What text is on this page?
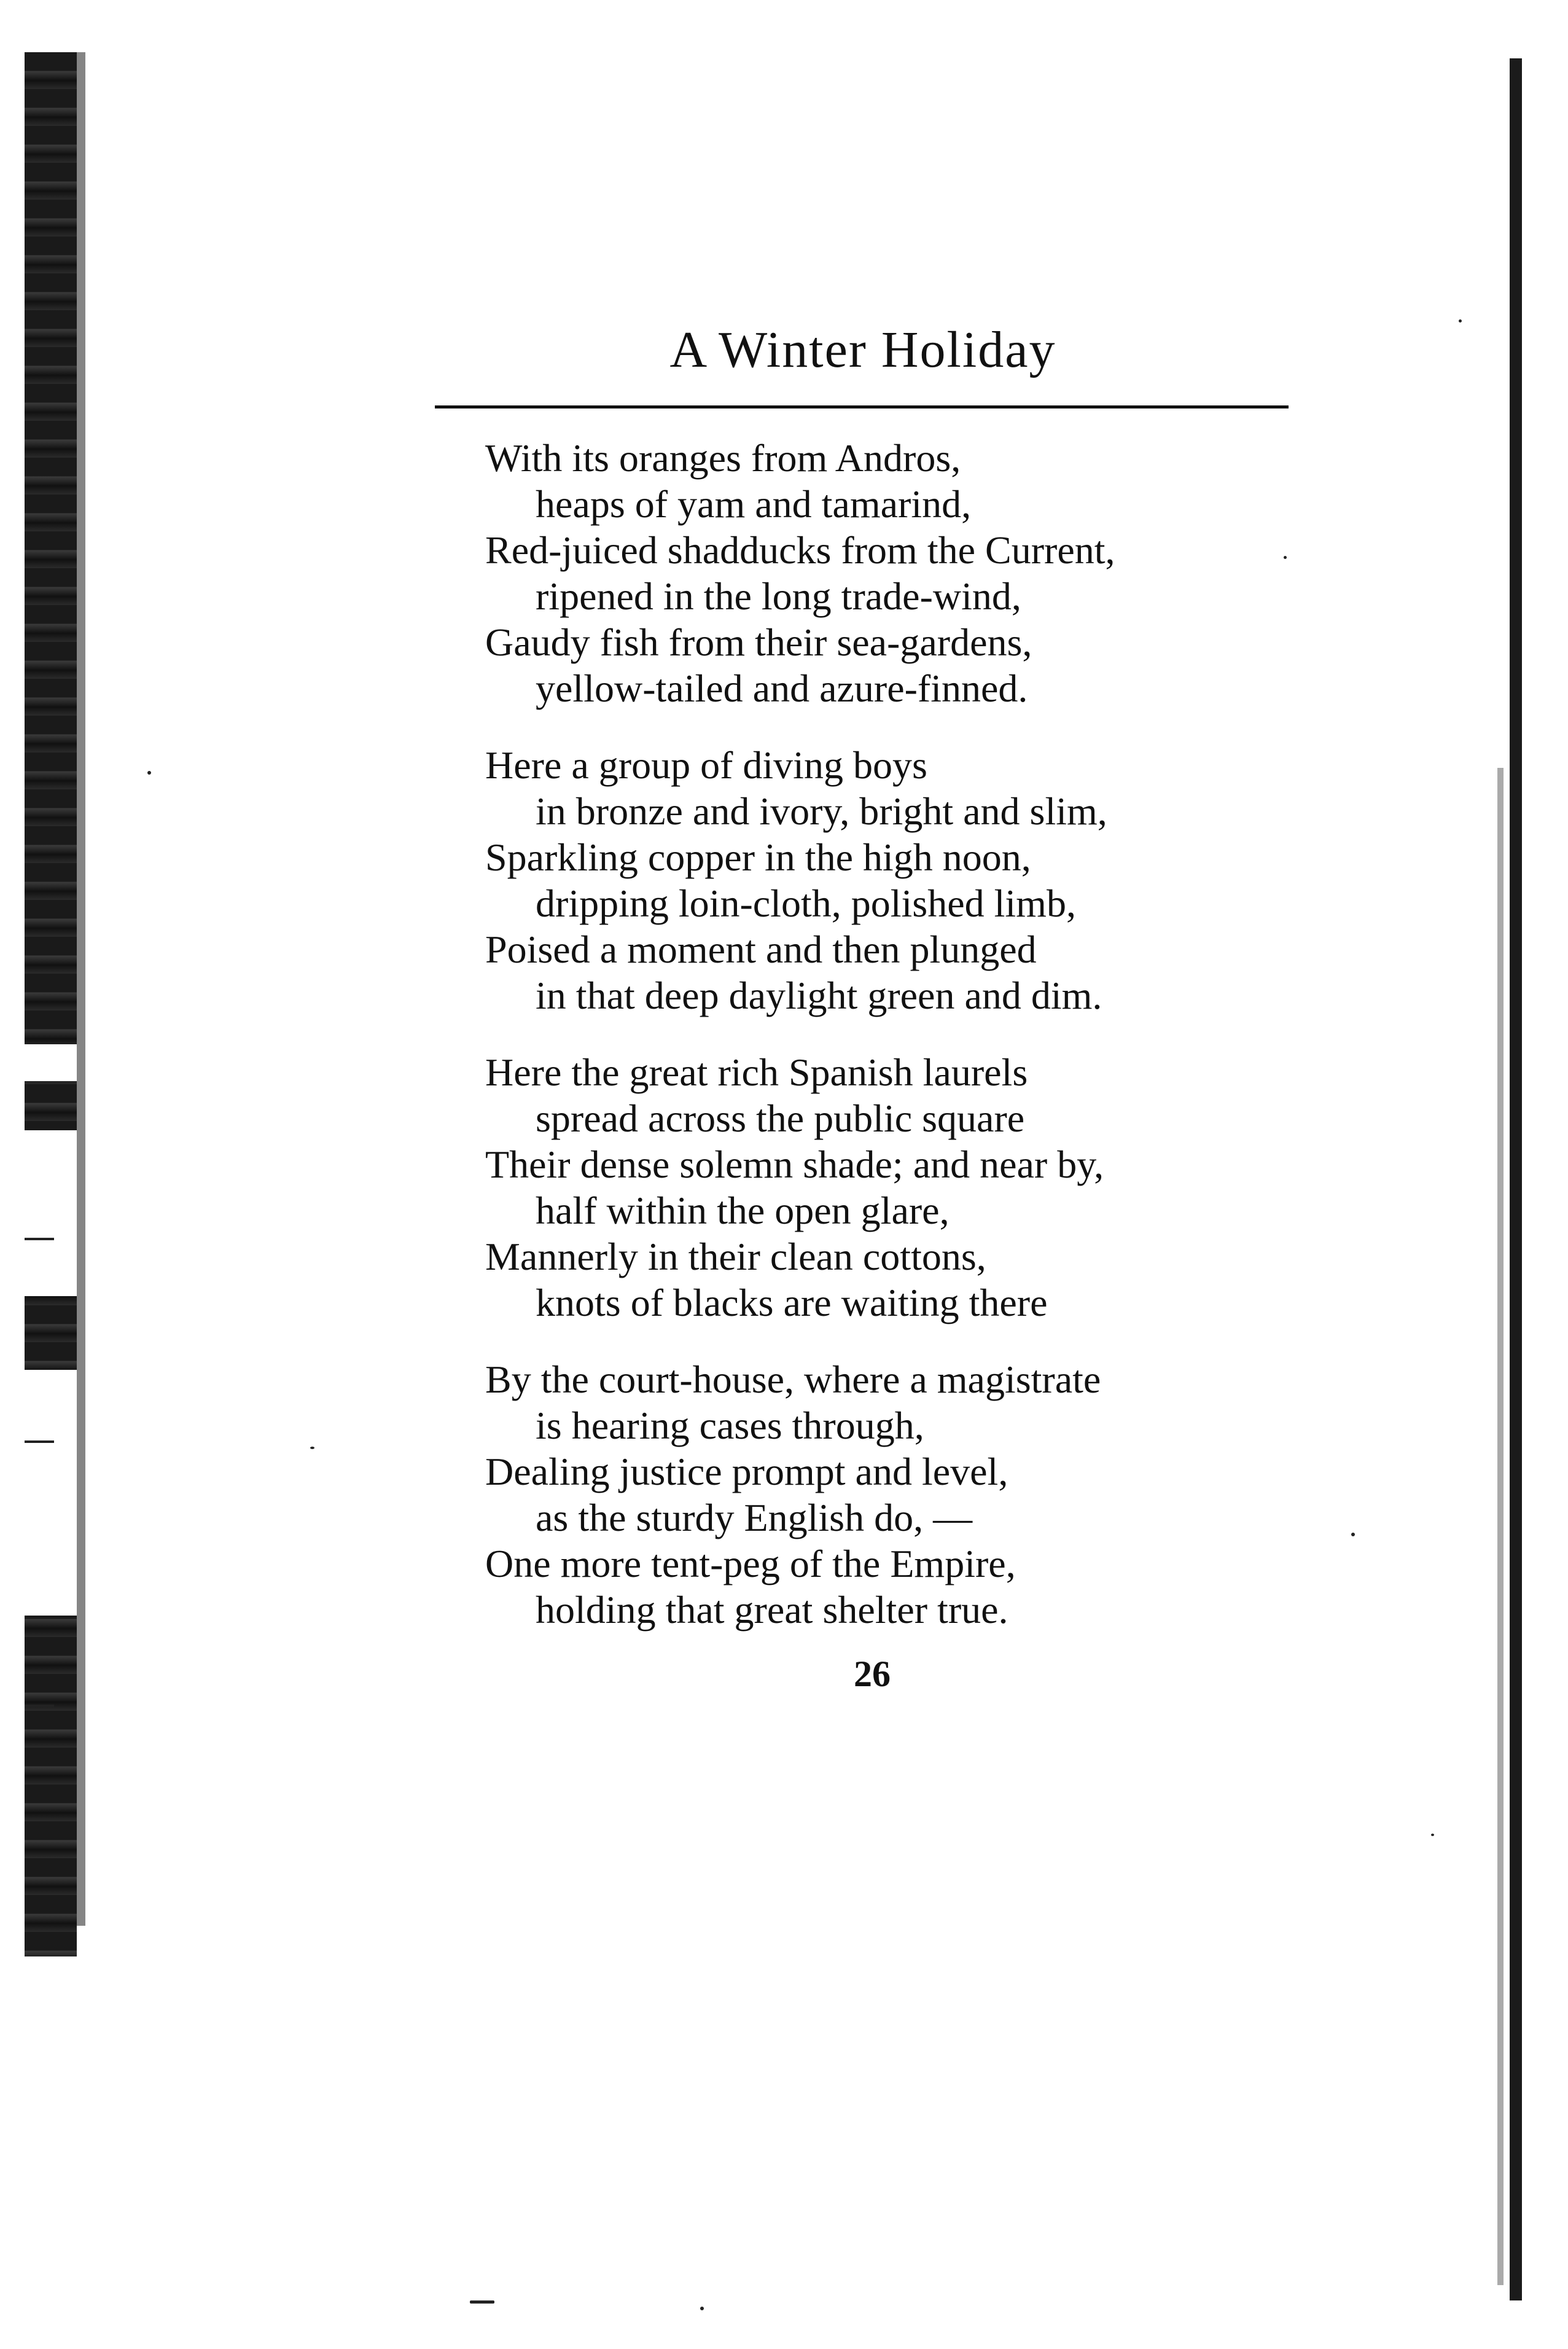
A Winter Holiday
With its oranges from Andros,
heaps of yam and tamarind,
Red-juiced shadducks from the Current,
ripened in the long trade-wind,
Gaudy fish from their sea-gardens,
yellow-tailed and azure-finned.
Here a group of diving boys
in bronze and ivory, bright and slim,
Sparkling copper in the high noon,
dripping loin-cloth, polished limb,
Poised a moment and then plunged
in that deep daylight green and dim.
Here the great rich Spanish laurels
spread across the public square
Their dense solemn shade; and near by,
half within the open glare,
Mannerly in their clean cottons,
knots of blacks are waiting there
By the court-house, where a magistrate
is hearing cases through,
Dealing justice prompt and level,
as the sturdy English do, —
One more tent-peg of the Empire,
holding that great shelter true.
26
